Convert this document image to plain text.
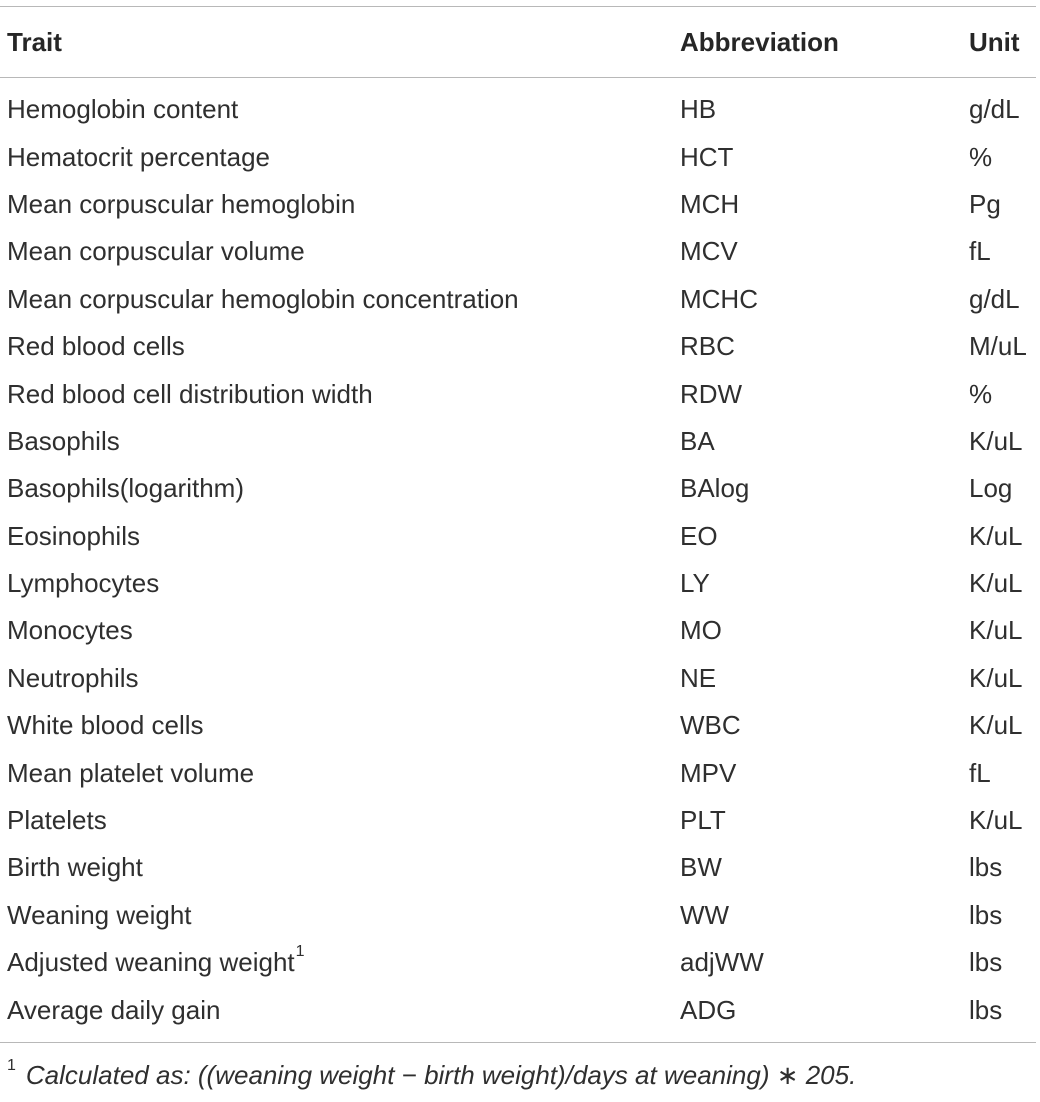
Trait	Abbreviation	Unit
Hemoglobin content	HB	g/dL
Hematocrit percentage	HCT	%
Mean corpuscular hemoglobin	MCH	Pg
Mean corpuscular volume	MCV	fL
Mean corpuscular hemoglobin concentration	MCHC	g/dL
Red blood cells	RBC	M/uL
Red blood cell distribution width	RDW	%
Basophils	BA	K/uL
Basophils(logarithm)	BAlog	Log
Eosinophils	EO	K/uL
Lymphocytes	LY	K/uL
Monocytes	MO	K/uL
Neutrophils	NE	K/uL
White blood cells	WBC	K/uL
Mean platelet volume	MPV	fL
Platelets	PLT	K/uL
Birth weight	BW	lbs
Weaning weight	WW	lbs
Adjusted weaning weight$^1$	adjWW	lbs
Average daily gain	ADG	lbs
$^1$ Calculated as: ((weaning weight − birth weight)/days at weaning) ∗ 205.
